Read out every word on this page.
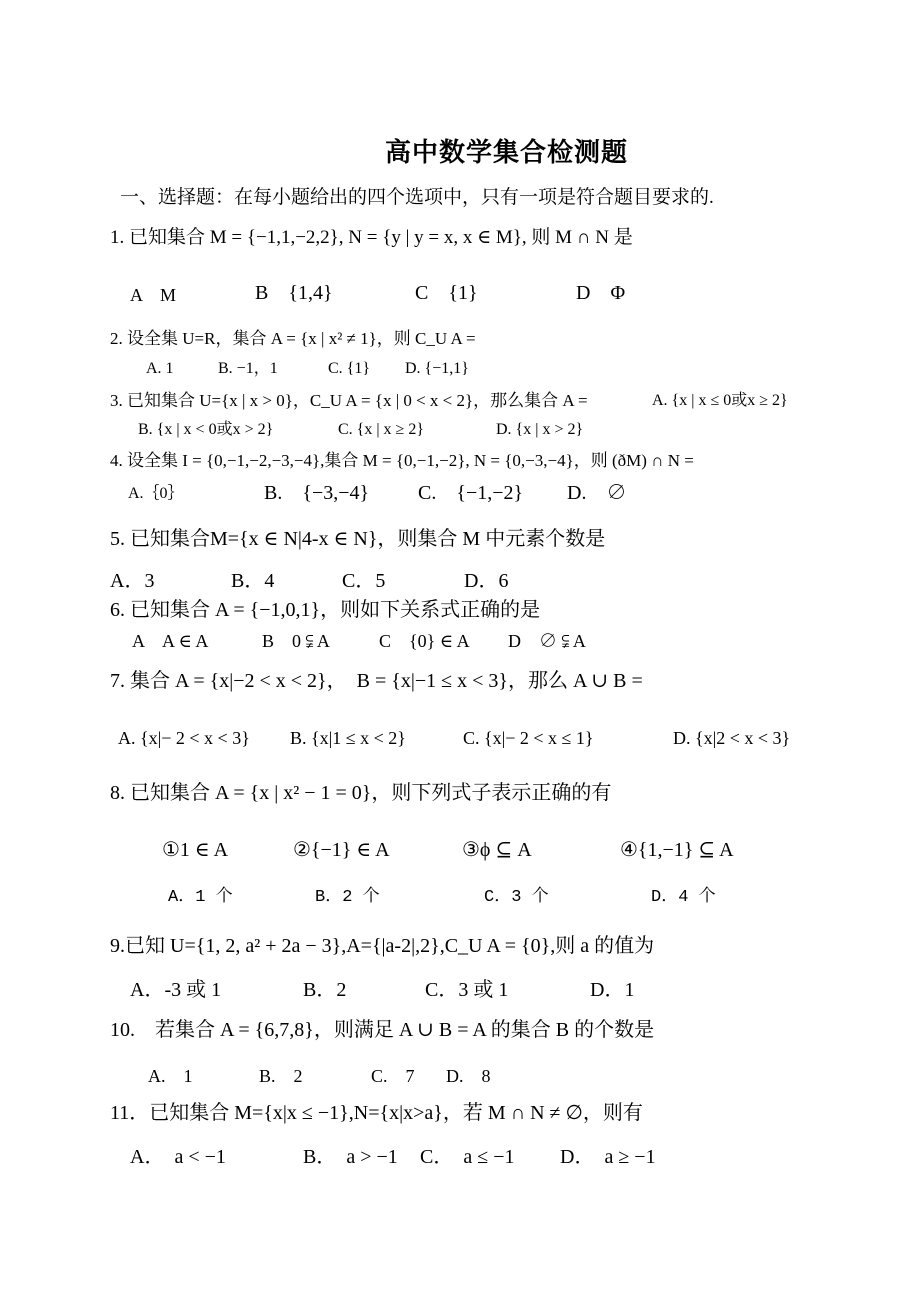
高中数学集合检测题
一、选择题：在每小题给出的四个选项中，只有一项是符合题目要求的.
1. 已知集合 M = {−1,1,−2,2}, N = {y | y = x, x ∈ M}, 则 M ∩ N 是
A　M	B　{1,4}	C　{1}	D　Φ
2. 设全集 U=R，集合 A = {x | x² ≠ 1}，则 C_U A =
A. 1	B. −1，1	C. {1} D. {−1,1}
3. 已知集合 U={x | x > 0}，C_U A = {x | 0 < x < 2}，那么集合 A =	A. {x | x ≤ 0或x ≥ 2}
B. {x | x < 0或x > 2}	C. {x | x ≥ 2}	D. {x | x > 2}
4. 设全集 I = {0,−1,−2,−3,−4},集合 M = {0,−1,−2}, N = {0,−3,−4}，则 (ðM) ∩ N =
A.｛0｝	B.　{−3,−4} C.　{−1,−2} D.　∅
5. 已知集合M={x ∈ N|4-x ∈ N}，则集合 M 中元素个数是
A．3	B．4	C．5	D．6
6. 已知集合 A = {−1,0,1}，则如下关系式正确的是
A　A ∈ A	B　0 ⫋ A	C　{0} ∈ A D　∅ ⫋ A
7. 集合 A = {x|−2 < x < 2}，　B = {x|−1 ≤ x < 3}，那么 A ∪ B =
A. {x|− 2 < x < 3} B. {x|1 ≤ x < 2}	C. {x|− 2 < x ≤ 1}	D. {x|2 < x < 3}
8. 已知集合 A = {x | x² − 1 = 0}，则下列式子表示正确的有
①1 ∈ A	②{−1} ∈ A	③ϕ ⊆ A	④{1,−1} ⊆ A
A．1 个	B．2 个	C．3 个	D．4 个
9.已知 U={1, 2, a² + 2a − 3},A={|a-2|,2},C_U A = {0},则 a 的值为
A．-3 或 1	B．2	C．3 或 1	D．1
10.　若集合 A = {6,7,8}，则满足 A ∪ B = A 的集合 B 的个数是
A.　1	B.　2	C.　7 D.　8
11．已知集合 M={x|x ≤ −1},N={x|x>a}，若 M ∩ N ≠ ∅，则有
A．　a < −1	B．　a > −1 C．　a ≤ −1 D．　a ≥ −1
